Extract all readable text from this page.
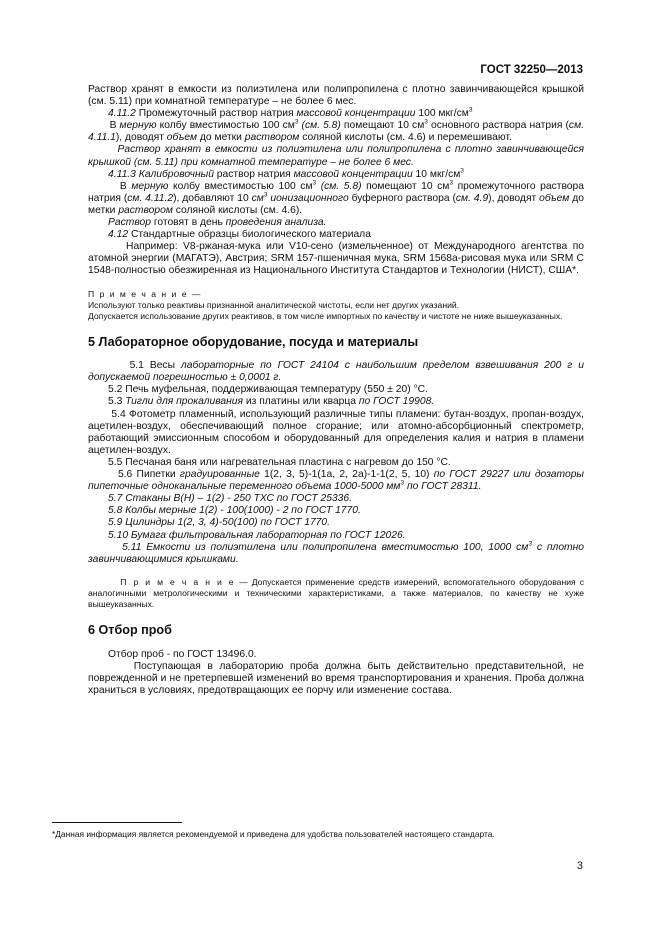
ГОСТ 32250—2013

Раствор хранят в емкости из полиэтилена или полипропилена с плотно завинчивающейся крышкой (см. 5.11) при комнатной температуре – не более 6 мес.

4.11.2 Промежуточный раствор натрия массовой концентрации 100 мкг/$см^3$

В мерную колбу вместимостью 100 $см^3$ (см. 5.8) помещают 10 $см^3$ основного раствора натрия (см. 4.11.1), доводят объем до метки раствором соляной кислоты (см. 4.6) и перемешивают.

Раствор хранят в емкости из полиэтилена или полипропилена с плотно завинчивающейся крышкой (см. 5.11) при комнатной температуре – не более 6 мес.

4.11.3 Калибровочный раствор натрия массовой концентрации 10 мкг/$см^3$

В мерную колбу вместимостью 100 $см^3$ (см. 5.8) помещают 10 $см^3$ промежуточного раствора натрия (см. 4.11.2), добавляют 10 $см^3$ ионизационного буферного раствора (см. 4.9), доводят объем до метки раствором соляной кислоты (см. 4.6).

Раствор готовят в день проведения анализа.

4.12 Стандартные образцы биологического материала

Например: V8-ржаная-мука или V10-сено (измельченное) от Международного агентства по атомной энергии (МАГАТЭ), Австрия; SRM 157-пшеничная мука, SRM 1568а-рисовая мука или SRM С 1548-полностью обезжиренная из Национального Института Стандартов и Технологии (НИСТ), США*.

П р и м е ч а н и е —
Используют только реактивы признанной аналитической чистоты, если нет других указаний.
Допускается использование других реактивов, в том числе импортных по качеству и чистоте не ниже вышеуказанных.
5 Лабораторное оборудование, посуда и материалы

5.1 Весы лабораторные по ГОСТ 24104 с наибольшим пределом взвешивания 200 г и допускаемой погрешностью ± 0,0001 г.

5.2 Печь муфельная, поддерживающая температуру (550 ± 20) °С.

5.3 Тигли для прокаливания из платины или кварца по ГОСТ 19908.

5.4 Фотометр пламенный, использующий различные типы пламени: бутан-воздух, пропан-воздух, ацетилен-воздух, обеспечивающий полное сгорание; или атомно-абсорбционный спектрометр, работающий эмиссионным способом и оборудованный для определения калия и натрия в пламени ацетилен-воздух.

5.5 Песчаная баня или нагревательная пластина с нагревом до 150 °С.

5.6 Пипетки градуированные 1(2, 3, 5)-1(1а, 2, 2а)-1-1(2, 5, 10) по ГОСТ 29227 или дозаторы пипеточные одноканальные переменного объема 1000-5000 $мм^3$ по ГОСТ 28311.

5.7 Стаканы В(Н) – 1(2) - 250 ТХС по ГОСТ 25336.

5.8 Колбы мерные 1(2) - 100(1000) - 2 по ГОСТ 1770.

5.9 Цилиндры 1(2, 3, 4)-50(100) по ГОСТ 1770.

5.10 Бумага фильтровальная лабораторная по ГОСТ 12026.

5.11 Емкости из полиэтилена или полипропилена вместимостью 100, 1000 $см^3$ с плотно завинчивающимися крышками.

П р и м е ч а н и е — Допускается применение средств измерений, вспомогательного оборудования с аналогичными метрологическими и техническими характеристиками, а также материалов, по качеству не хуже вышеуказанных.
6 Отбор проб

Отбор проб - по ГОСТ 13496.0.

Поступающая в лабораторию проба должна быть действительно представительной, не поврежденной и не претерпевшей изменений во время транспортирования и хранения. Проба должна храниться в условиях, предотвращающих ее порчу или изменение состава.

*Данная информация является рекомендуемой и приведена для удобства пользователей настоящего стандарта.
3
